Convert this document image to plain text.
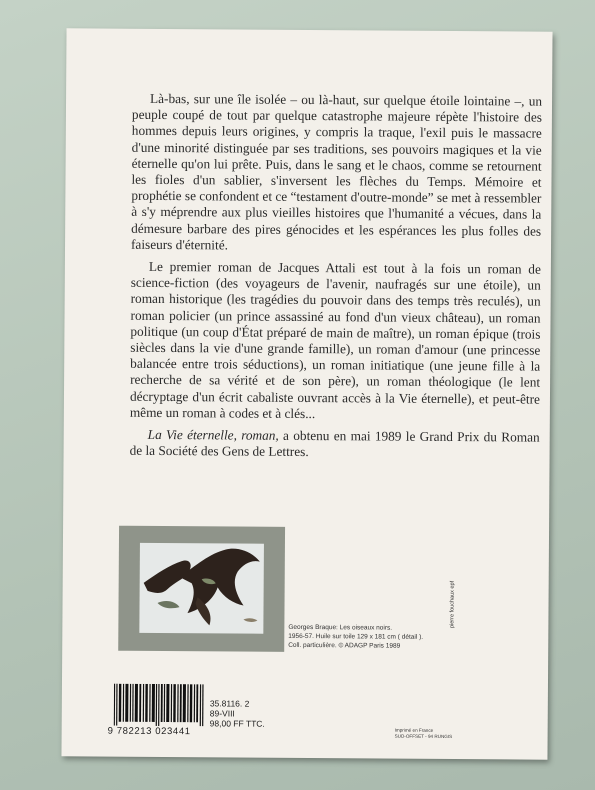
Là-bas, sur une île isolée – ou là-haut, sur quelque étoile lointaine –, un peuple coupé de tout par quelque catastrophe majeure répète l'histoire des hommes depuis leurs origines, y compris la traque, l'exil puis le massacre d'une minorité distinguée par ses traditions, ses pouvoirs magiques et la vie éternelle qu'on lui prête. Puis, dans le sang et le chaos, comme se retournent les fioles d'un sablier, s'inversent les flèches du Temps. Mémoire et prophétie se confondent et ce “testament d'outre-monde” se met à ressembler à s'y méprendre aux plus vieilles histoires que l'humanité a vécues, dans la démesure barbare des pires génocides et les espérances les plus folles des faiseurs d'éternité.

Le premier roman de Jacques Attali est tout à la fois un roman de science-fiction (des voyageurs de l'avenir, naufragés sur une étoile), un roman historique (les tragédies du pouvoir dans des temps très reculés), un roman policier (un prince assassiné au fond d'un vieux château), un roman politique (un coup d'État préparé de main de maître), un roman épique (trois siècles dans la vie d'une grande famille), un roman d'amour (une princesse balancée entre trois séductions), un roman initiatique (une jeune fille à la recherche de sa vérité et de son père), un roman théologique (le lent décryptage d'un écrit cabaliste ouvrant accès à la Vie éternelle), et peut-être même un roman à codes et à clés...

La Vie éternelle, roman, a obtenu en mai 1989 le Grand Prix du Roman de la Société des Gens de Lettres.

Georges Braque: Les oiseaux noirs.
1956-57. Huile sur toile 129 x 181 cm ( détail ).
Coll. particulière. © ADAGP Paris 1989
pierre fouchaux epf
9 782213 023441
35.8116. 2
89-VIII
98,00 FF TTC.
Imprimé en France
SUD-OFFSET - 94 RUNGIS
